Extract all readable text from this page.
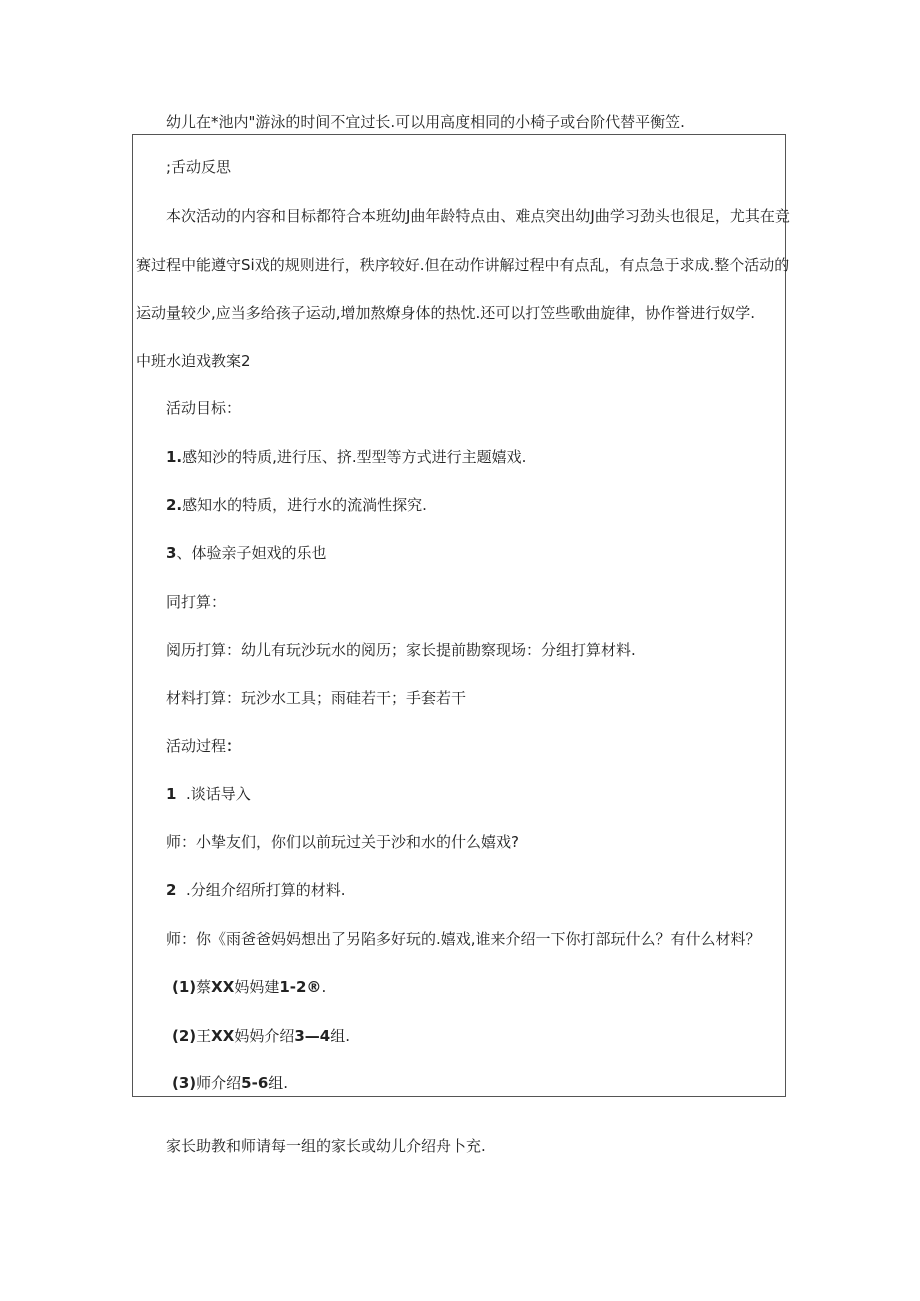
幼儿在*池内"游泳的时间不宜过长.可以用高度相同的小椅子或台阶代替平衡笠.
;舌动反思
本次活动的内容和目标都符合本班幼J曲年龄特点由、难点突出幼J曲学习劲头也很足，尤其在竞
赛过程中能遵守Si戏的规则进行，秩序较好.但在动作讲解过程中有点乱，有点急于求成.整个活动的
运动量较少,应当多给孩子运动,增加熬燎身体的热忱.还可以打笠些歌曲旋律，协作誉进行奴学.
中班水迫戏教案2
活动目标：
1.感知沙的特质,进行压、挤.型型等方式进行主题嬉戏.
2.感知水的特质，进行水的流淌性探究.
3、体验亲子妲戏的乐也
同打算：
阅历打算：幼儿有玩沙玩水的阅历；家长提前勘察现场：分组打算材料.
材料打算：玩沙水工具；雨硅若干；手套若干
活动过程：
1 .谈话导入
师：小挚友们，你们以前玩过关于沙和水的什么嬉戏?
2 .分组介绍所打算的材料.
师：你《雨爸爸妈妈想出了另陷多好玩的.嬉戏,谁来介绍一下你打部玩什么？有什么材料？
(1)蔡XX妈妈建1-2®.
(2)王XX妈妈介绍3—4组.
(3)师介绍5-6组.
家长助教和师请每一组的家长或幼儿介绍舟卜充.
